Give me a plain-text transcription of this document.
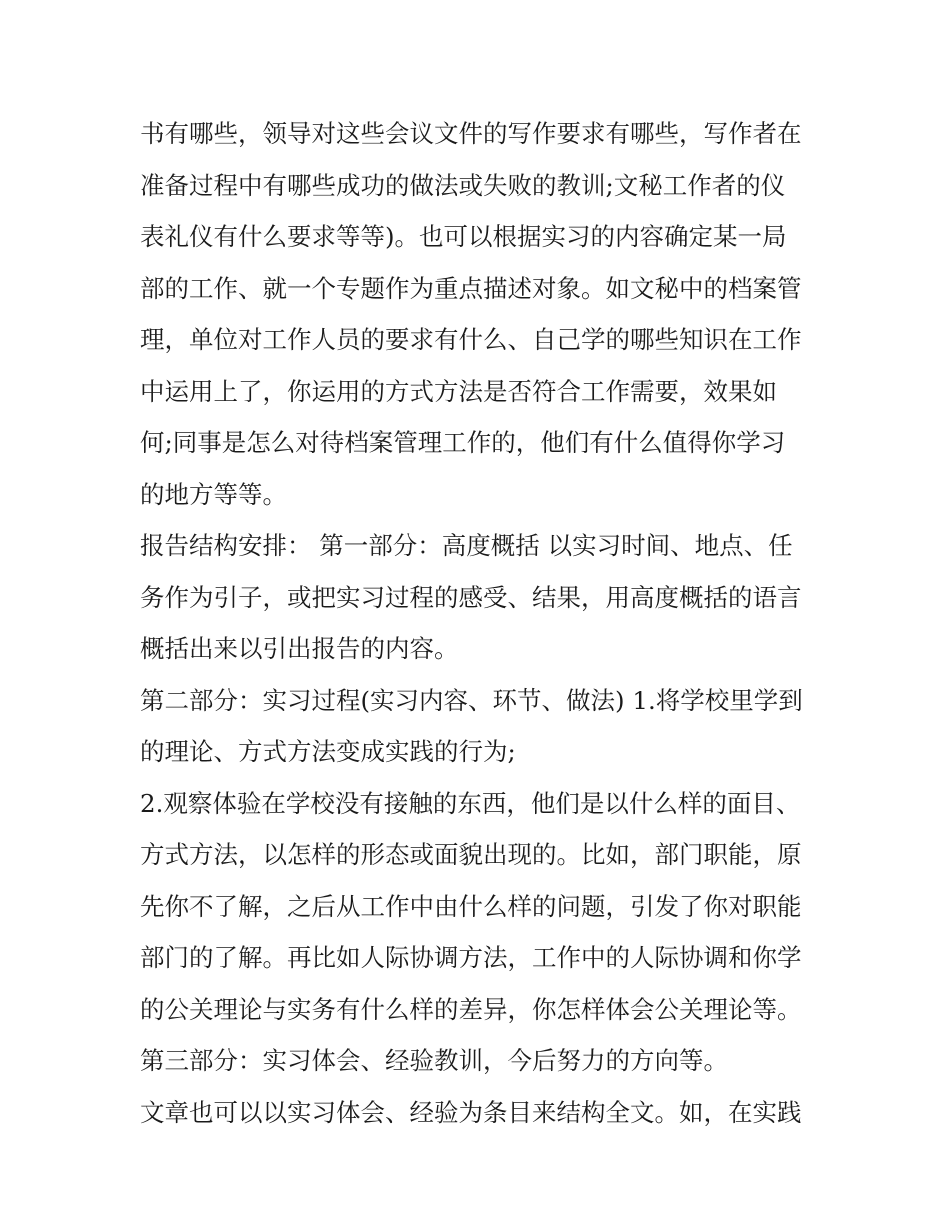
书有哪些，领导对这些会议文件的写作要求有哪些，写作者在
准备过程中有哪些成功的做法或失败的教训;文秘工作者的仪
表礼仪有什么要求等等)。也可以根据实习的内容确定某一局
部的工作、就一个专题作为重点描述对象。如文秘中的档案管
理，单位对工作人员的要求有什么、自己学的哪些知识在工作
中运用上了，你运用的方式方法是否符合工作需要，效果如
何;同事是怎么对待档案管理工作的，他们有什么值得你学习
的地方等等。
报告结构安排： 第一部分：高度概括 以实习时间、地点、任
务作为引子，或把实习过程的感受、结果，用高度概括的语言
概括出来以引出报告的内容。
第二部分：实习过程(实习内容、环节、做法) 1.将学校里学到
的理论、方式方法变成实践的行为;
2.观察体验在学校没有接触的东西，他们是以什么样的面目、
方式方法，以怎样的形态或面貌出现的。比如，部门职能，原
先你不了解，之后从工作中由什么样的问题，引发了你对职能
部门的了解。再比如人际协调方法，工作中的人际协调和你学
的公关理论与实务有什么样的差异，你怎样体会公关理论等。
第三部分：实习体会、经验教训，今后努力的方向等。
文章也可以以实习体会、经验为条目来结构全文。如，在实践
